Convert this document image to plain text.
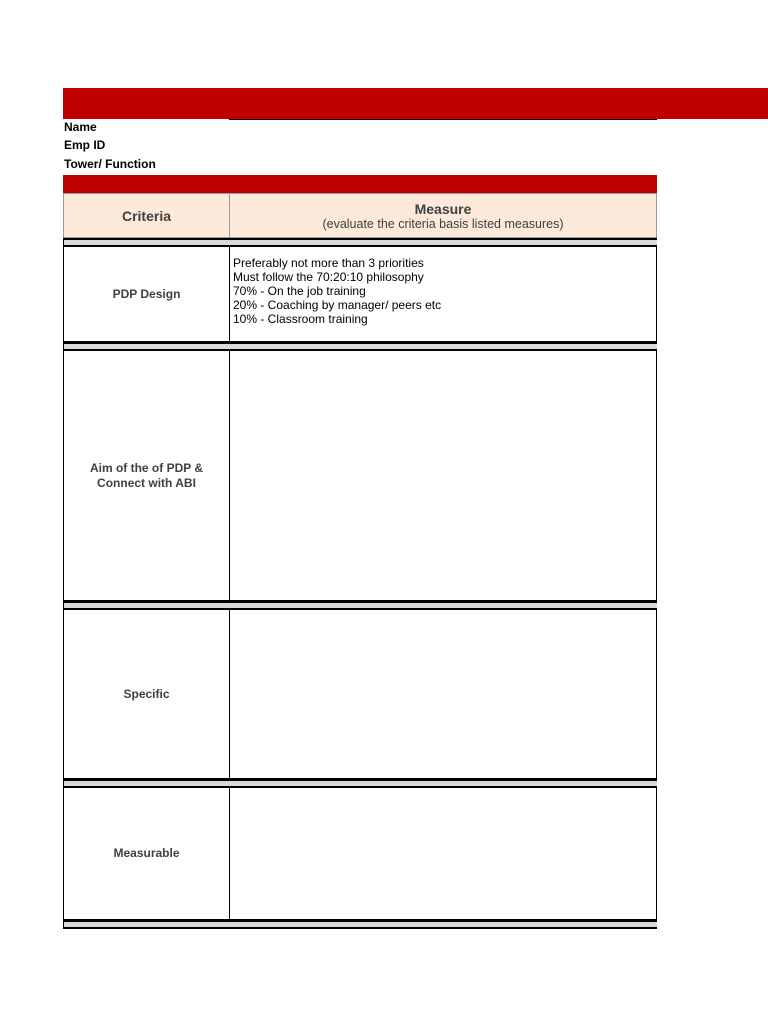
Name
Emp ID
Tower/ Function
Criteria	Measure
(evaluate the criteria basis listed measures)
PDP Design
Preferably not more than 3 priorities
Must follow the 70:20:10 philosophy
70% - On the job training
20% - Coaching by manager/ peers etc
10% - Classroom training
Aim of the of PDP & Connect with ABI
Specific
Measurable
